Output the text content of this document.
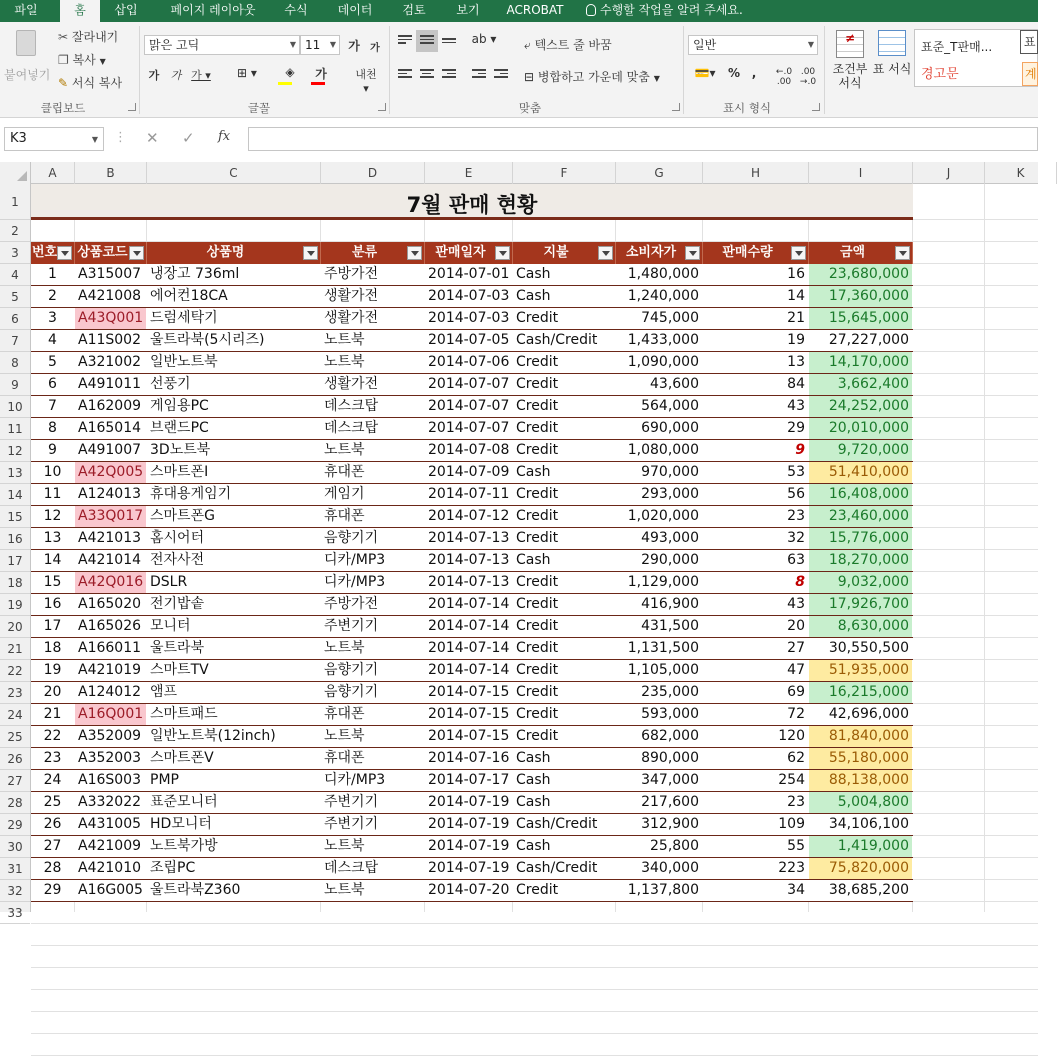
파일	홈	삽입	페이지 레이아웃	수식	데이터	검토	보기	ACROBAT	수행할 작업을 알려 주세요.
붙여넣기
✂ 잘라내기
❐ 복사 ▼
✎ 서식 복사
클립보드
맑은 고딕	▼ 11 ▼ 가	가
가 가 가 ▾ ⊞ ▾	◈	가	내천 ▾
글꼴
ab ▾ ⤶ 텍스트 줄 바꿈
⊟ 병합하고 가운데 맞춤 ▼
맞춤
일반	▼
💳▾	% ,	←.0
.00
.00
→.0
표시 형식
≠
조건부 서식
표 서식
표준_T판매...
경고문
표
계
K3	▼ ⋮ ✕ ✓ fx
A	B	C	D	E	F	G	H	I	J	K
1
2
3
4
5
6
7
8
9
10
11
12
13
14
15
16
17
18
19
20
21
22
23
24
25
26
27
28
29
30
31
32
33
7월 판매 현황
번호	상품코드	상품명	분류	판매일자	지불	소비자가	판매수량	금액
1	A315007 냉장고 736ml	주방가전	2014-07-01 Cash	1,480,000	16	23,680,000
2	A421008 에어컨18CA	생활가전	2014-07-03 Cash	1,240,000	14	17,360,000
3	A43Q001 드럼세탁기	생활가전	2014-07-03 Credit	745,000	21	15,645,000
4	A11S002 울트라북(5시리즈)	노트북	2014-07-05 Cash/Credit	1,433,000	19	27,227,000
5	A321002 일반노트북	노트북	2014-07-06 Credit	1,090,000	13	14,170,000
6	A491011 선풍기	생활가전	2014-07-07 Credit	43,600	84	3,662,400
7	A162009 게임용PC	데스크탑	2014-07-07 Credit	564,000	43	24,252,000
8	A165014 브랜드PC	데스크탑	2014-07-07 Credit	690,000	29	20,010,000
9	A491007 3D노트북	노트북	2014-07-08 Credit	1,080,000	9	9,720,000
10	A42Q005 스마트폰I	휴대폰	2014-07-09 Cash	970,000	53	51,410,000
11	A124013 휴대용게임기	게임기	2014-07-11 Credit	293,000	56	16,408,000
12	A33Q017 스마트폰G	휴대폰	2014-07-12 Credit	1,020,000	23	23,460,000
13	A421013 홈시어터	음향기기	2014-07-13 Credit	493,000	32	15,776,000
14	A421014 전자사전	디카/MP3	2014-07-13 Cash	290,000	63	18,270,000
15	A42Q016 DSLR	디카/MP3	2014-07-13 Credit	1,129,000	8	9,032,000
16	A165020 전기밥솥	주방가전	2014-07-14 Credit	416,900	43	17,926,700
17	A165026 모니터	주변기기	2014-07-14 Credit	431,500	20	8,630,000
18	A166011 울트라북	노트북	2014-07-14 Credit	1,131,500	27	30,550,500
19	A421019 스마트TV	음향기기	2014-07-14 Credit	1,105,000	47	51,935,000
20	A124012 앰프	음향기기	2014-07-15 Credit	235,000	69	16,215,000
21	A16Q001 스마트패드	휴대폰	2014-07-15 Credit	593,000	72	42,696,000
22	A352009 일반노트북(12inch)	노트북	2014-07-15 Credit	682,000	120	81,840,000
23	A352003 스마트폰V	휴대폰	2014-07-16 Cash	890,000	62	55,180,000
24	A16S003 PMP	디카/MP3	2014-07-17 Cash	347,000	254	88,138,000
25	A332022 표준모니터	주변기기	2014-07-19 Cash	217,600	23	5,004,800
26	A431005 HD모니터	주변기기	2014-07-19 Cash/Credit	312,900	109	34,106,100
27	A421009 노트북가방	노트북	2014-07-19 Cash	25,800	55	1,419,000
28	A421010 조립PC	데스크탑	2014-07-19 Cash/Credit	340,000	223	75,820,000
29	A16G005 울트라북Z360	노트북	2014-07-20 Credit	1,137,800	34	38,685,200
